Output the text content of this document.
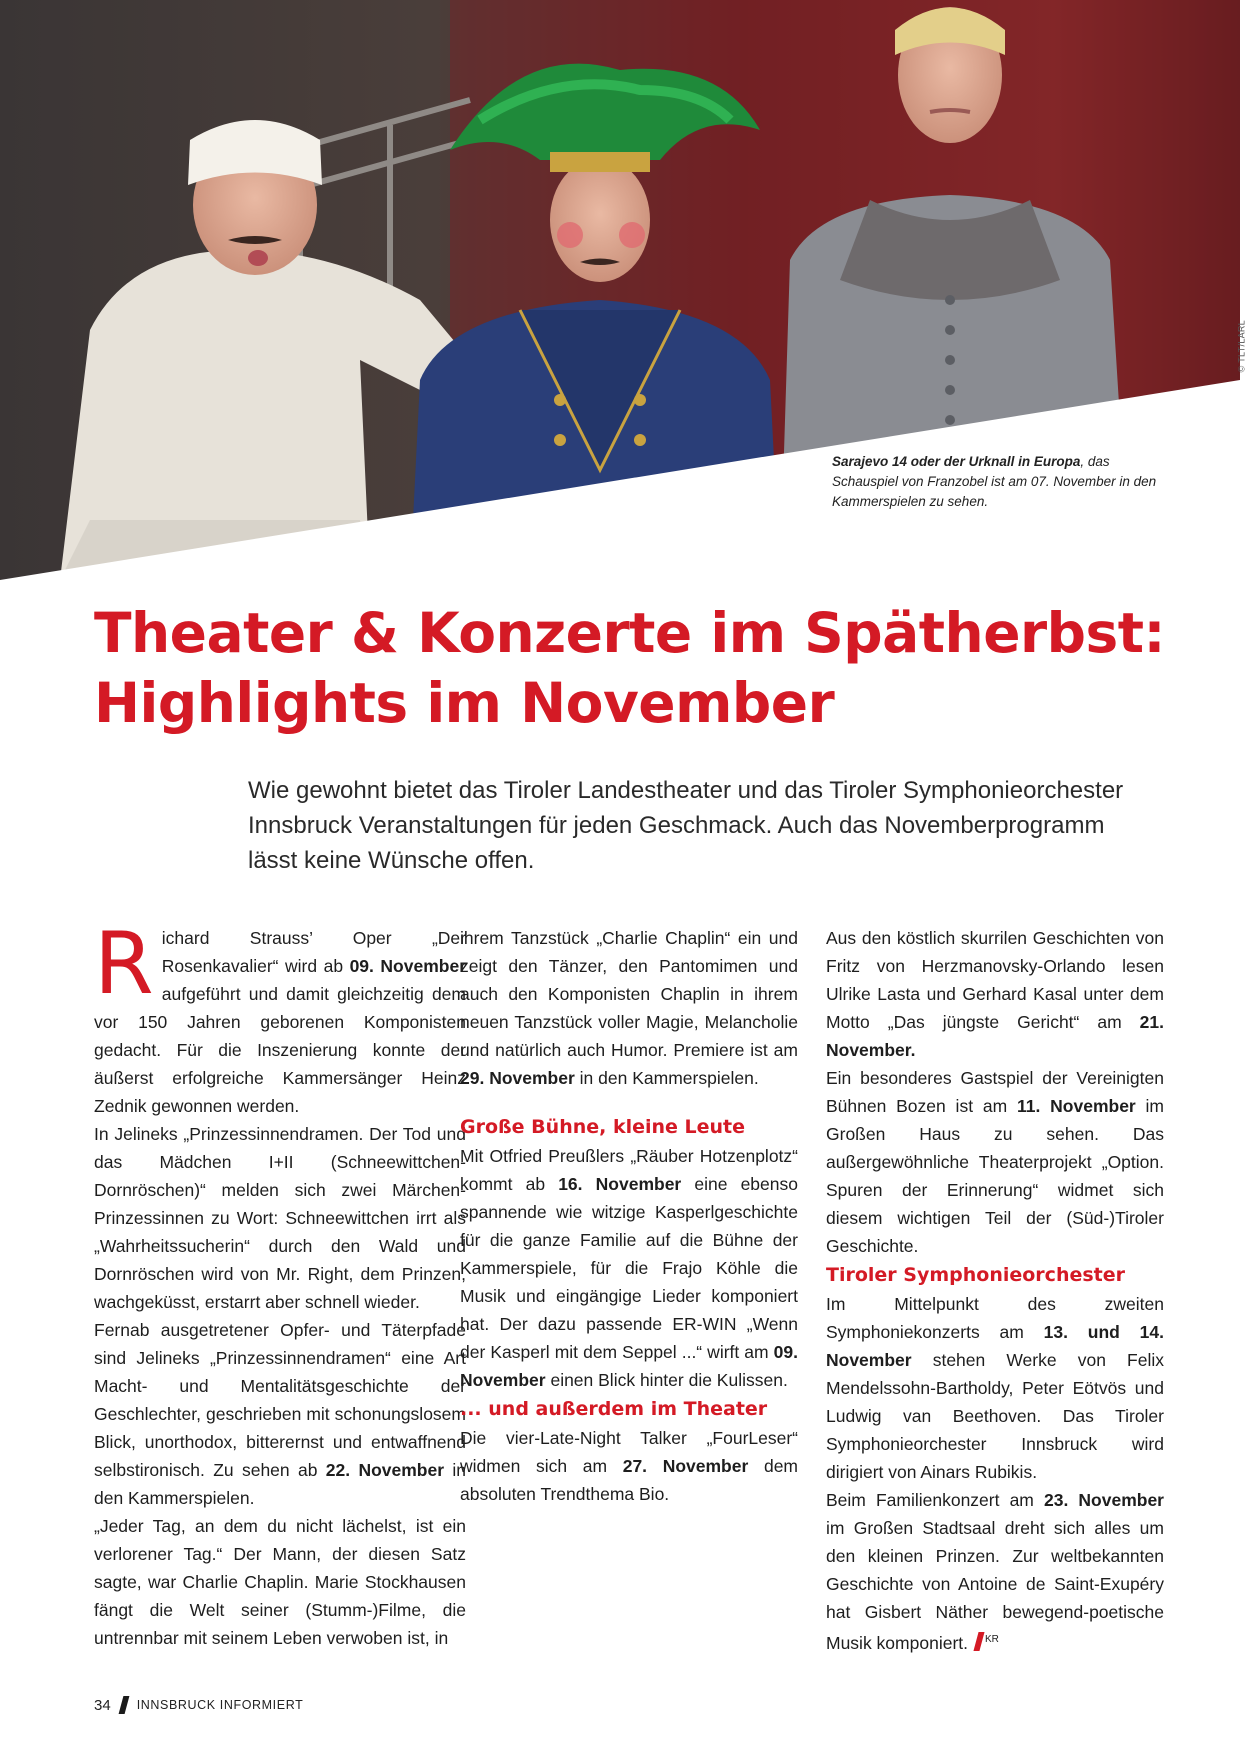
© TLT/LARL
Sarajevo 14 oder der Urknall in Europa, das Schauspiel von Franzobel ist am 07. November in den Kammerspielen zu sehen.
Theater & Konzerte im Spätherbst:
Highlights im November
Wie gewohnt bietet das Tiroler Landestheater und das Tiroler Symphonieorchester Innsbruck Veranstaltungen für jeden Geschmack. Auch das Novemberprogramm lässt keine Wünsche offen.

Richard Strauss’ Oper „Der Rosenkavalier“ wird ab 09. November aufgeführt und damit gleichzeitig dem vor 150 Jahren geborenen Komponisten gedacht. Für die Inszenierung konnte der äußerst erfolgreiche Kammersänger Heinz Zednik gewonnen werden.

In Jelineks „Prinzessinnendramen. Der Tod und das Mädchen I+II (Schneewittchen-Dornröschen)“ melden sich zwei Märchen-Prinzessinnen zu Wort: Schneewittchen irrt als „Wahrheitssucherin“ durch den Wald und Dornröschen wird von Mr. Right, dem Prinzen, wachgeküsst, erstarrt aber schnell wieder.

Fernab ausgetretener Opfer- und Täterpfade sind Jelineks „Prinzessinnendramen“ eine Art Macht- und Mentalitätsgeschichte der Geschlechter, geschrieben mit schonungslosem Blick, unorthodox, bitterernst und entwaffnend selbstironisch. Zu sehen ab 22. November in den Kammerspielen.

„Jeder Tag, an dem du nicht lächelst, ist ein verlorener Tag.“ Der Mann, der diesen Satz sagte, war Charlie Chaplin. Marie Stockhausen fängt die Welt seiner (Stumm-)Filme, die untrennbar mit seinem Leben verwoben ist, in

Aus den köstlich skurrilen Geschichten von Fritz von Herzmanovsky-Orlando lesen Ulrike Lasta und Gerhard Kasal unter dem Motto „Das jüngste Gericht“ am 21. November.

Ein besonderes Gastspiel der Vereinigten Bühnen Bozen ist am 11. November im Großen Haus zu sehen. Das außergewöhnliche Theaterprojekt „Option. Spuren der Erinnerung“ widmet sich diesem wichtigen Teil der (Süd-)Tiroler Geschichte.

Tiroler Symphonieorchester

Im Mittelpunkt des zweiten Symphoniekonzerts am 13. und 14. November stehen Werke von Felix Mendelssohn-Bartholdy, Peter Eötvös und Ludwig van Beethoven. Das Tiroler Symphonieorchester Innsbruck wird dirigiert von Ainars Rubikis.

Beim Familienkonzert am 23. November im Großen Stadtsaal dreht sich alles um den kleinen Prinzen. Zur weltbekannten Geschichte von Antoine de Saint-Exupéry hat Gisbert Näther bewegend-poetische Musik komponiert. $^{KR}$

ihrem Tanzstück „Charlie Chaplin“ ein und zeigt den Tänzer, den Pantomimen und auch den Komponisten Chaplin in ihrem neuen Tanzstück voller Magie, Melancholie und natürlich auch Humor. Premiere ist am 29. November in den Kammerspielen.

Große Bühne, kleine Leute

Mit Otfried Preußlers „Räuber Hotzenplotz“ kommt ab 16. November eine ebenso spannende wie witzige Kasperlgeschichte für die ganze Familie auf die Bühne der Kammerspiele, für die Frajo Köhle die Musik und eingängige Lieder komponiert hat. Der dazu passende ER-WIN „Wenn der Kasperl mit dem Seppel ...“ wirft am 09. November einen Blick hinter die Kulissen.

... und außerdem im Theater

Die vier-Late-Night Talker „FourLeser“ widmen sich am 27. November dem absoluten Trendthema Bio.

34 INNSBRUCK INFORMIERT
